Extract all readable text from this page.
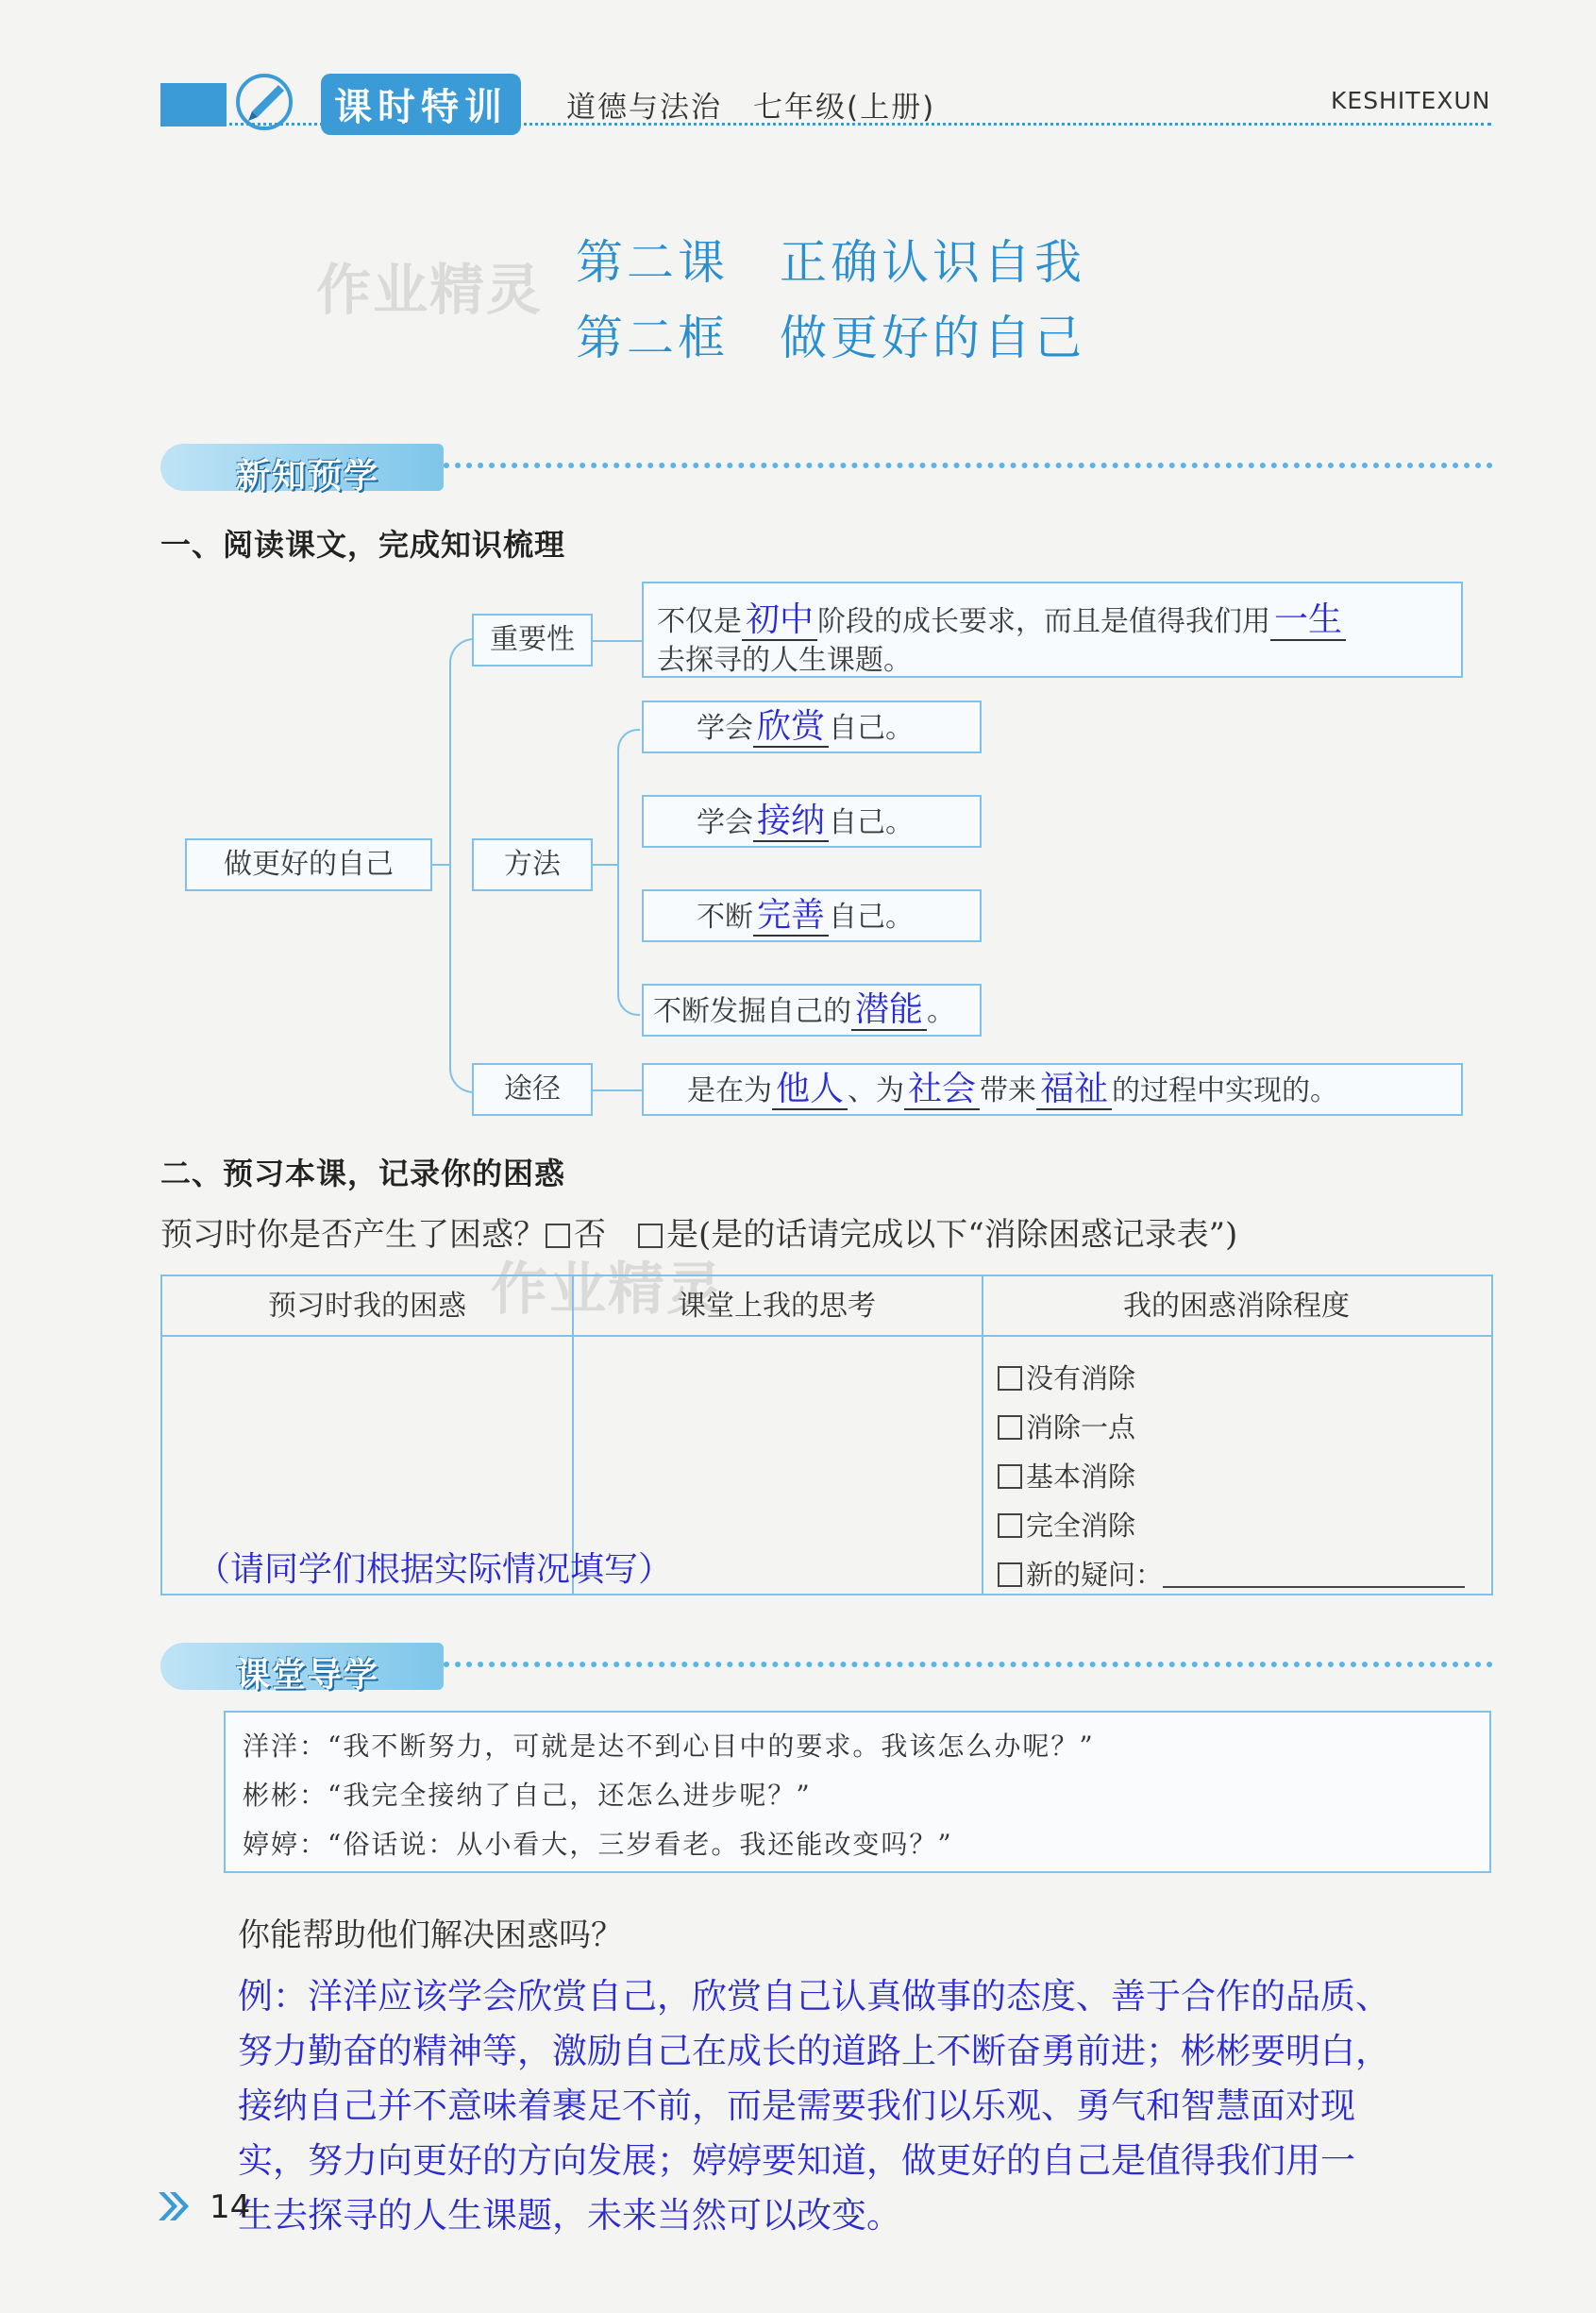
课时特训	道德与法治　七年级(上册)	KESHITEXUN
作业精灵 第二课　正确认识自我
第二框　做更好的自己
新知预学
一、阅读课文，完成知识梳理
做更好的自己
重要性
不仅是 初中 阶段的成长要求，而且是值得我们用 一生
去探寻的人生课题。
方法
学会 欣赏 自己。
学会 接纳 自己。
不断 完善 自己。
不断发掘自己的 潜能 。
途径	是在为 他人 、为 社会 带来 福祉 的过程中实现的。
二、预习本课，记录你的困惑
预习时你是否产生了困惑？ 否　 是(是的话请完成以下“消除困惑记录表”)
作业精灵
预习时我的困惑	课堂上我的思考	我的困惑消除程度
没有消除
消除一点
基本消除
完全消除
新的疑问：
（请同学们根据实际情况填写）
课堂导学
洋洋：“我不断努力，可就是达不到心目中的要求。我该怎么办呢？”
彬彬：“我完全接纳了自己，还怎么进步呢？”
婷婷：“俗话说：从小看大，三岁看老。我还能改变吗？”
你能帮助他们解决困惑吗？
例：洋洋应该学会欣赏自己，欣赏自己认真做事的态度、善于合作的品质、
努力勤奋的精神等，激励自己在成长的道路上不断奋勇前进；彬彬要明白，
接纳自己并不意味着裹足不前，而是需要我们以乐观、勇气和智慧面对现
实，努力向更好的方向发展；婷婷要知道，做更好的自己是值得我们用一
生去探寻的人生课题，未来当然可以改变。
14
